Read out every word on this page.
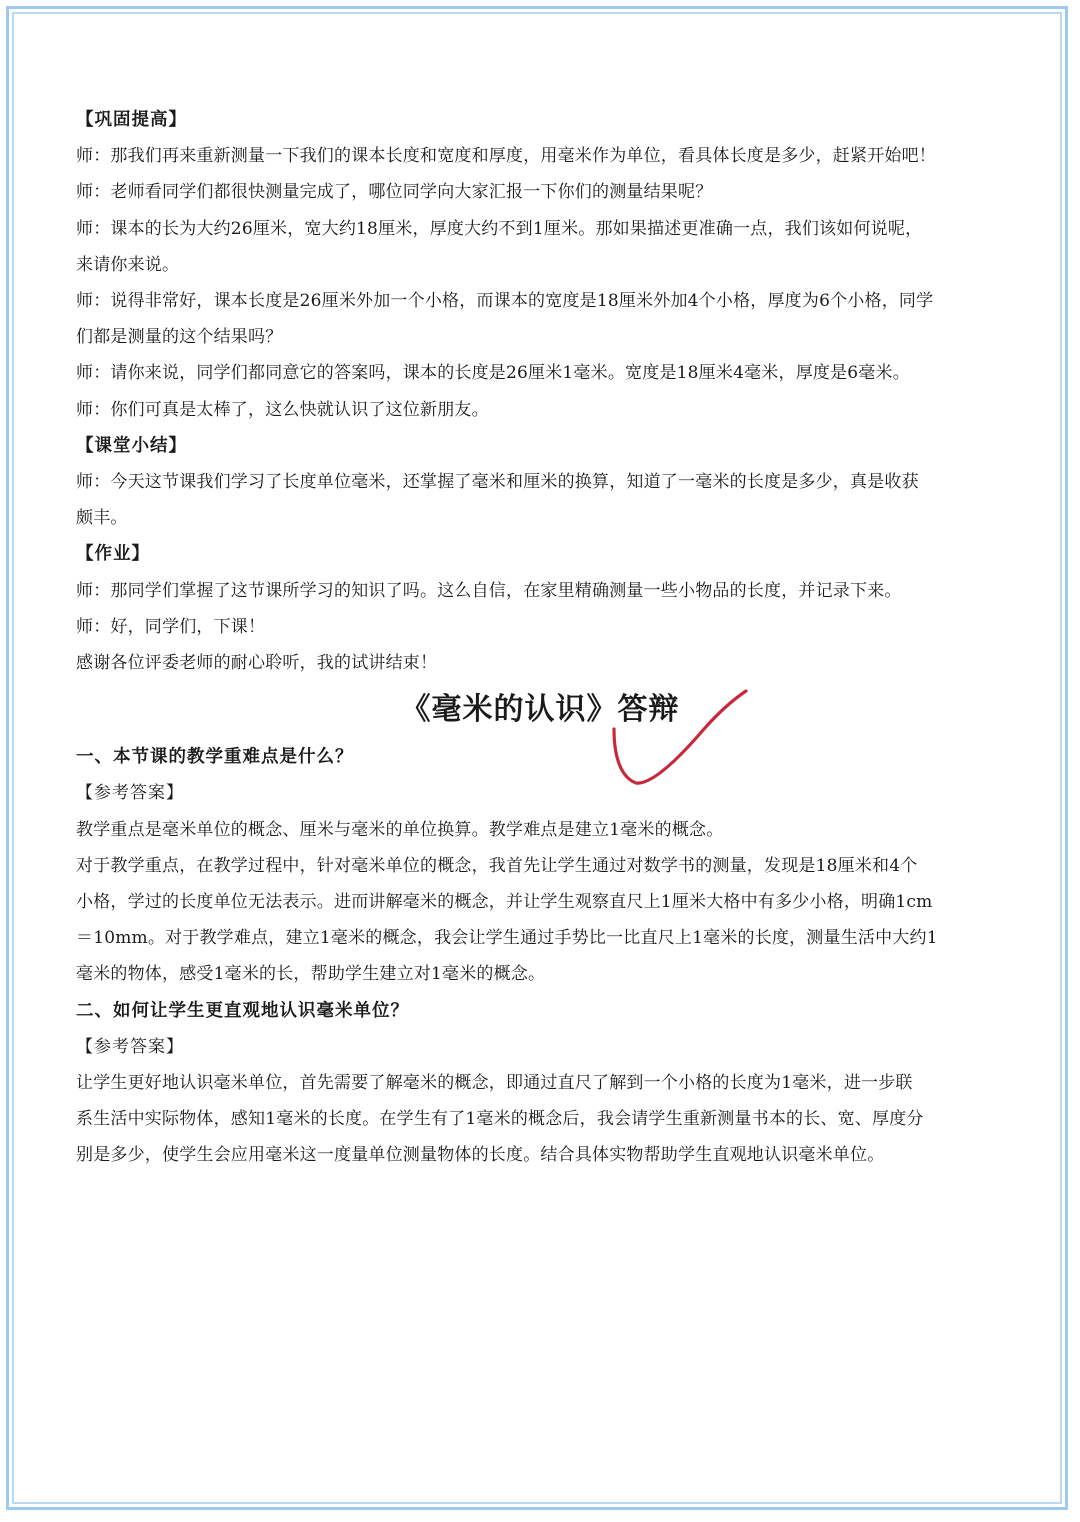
【巩固提高】
师：那我们再来重新测量一下我们的课本长度和宽度和厚度，用毫米作为单位，看具体长度是多少，赶紧开始吧！
师：老师看同学们都很快测量完成了，哪位同学向大家汇报一下你们的测量结果呢？
师：课本的长为大约26厘米，宽大约18厘米，厚度大约不到1厘米。那如果描述更准确一点，我们该如何说呢，
来请你来说。
师：说得非常好，课本长度是26厘米外加一个小格，而课本的宽度是18厘米外加4个小格，厚度为6个小格，同学
们都是测量的这个结果吗？
师：请你来说，同学们都同意它的答案吗，课本的长度是26厘米1毫米。宽度是18厘米4毫米，厚度是6毫米。
师：你们可真是太棒了，这么快就认识了这位新朋友。
【课堂小结】
师：今天这节课我们学习了长度单位毫米，还掌握了毫米和厘米的换算，知道了一毫米的长度是多少，真是收获
颇丰。
【作业】
师：那同学们掌握了这节课所学习的知识了吗。这么自信，在家里精确测量一些小物品的长度，并记录下来。
师：好，同学们，下课！
感谢各位评委老师的耐心聆听，我的试讲结束！
《毫米的认识》答辩
一、本节课的教学重难点是什么？
【参考答案】
教学重点是毫米单位的概念、厘米与毫米的单位换算。教学难点是建立1毫米的概念。
对于教学重点，在教学过程中，针对毫米单位的概念，我首先让学生通过对数学书的测量，发现是18厘米和4个
小格，学过的长度单位无法表示。进而讲解毫米的概念，并让学生观察直尺上1厘米大格中有多少小格，明确1cm
＝10mm。对于教学难点，建立1毫米的概念，我会让学生通过手势比一比直尺上1毫米的长度，测量生活中大约1
毫米的物体，感受1毫米的长，帮助学生建立对1毫米的概念。
二、如何让学生更直观地认识毫米单位？
【参考答案】
让学生更好地认识毫米单位，首先需要了解毫米的概念，即通过直尺了解到一个小格的长度为1毫米，进一步联
系生活中实际物体，感知1毫米的长度。在学生有了1毫米的概念后，我会请学生重新测量书本的长、宽、厚度分
别是多少，使学生会应用毫米这一度量单位测量物体的长度。结合具体实物帮助学生直观地认识毫米单位。
